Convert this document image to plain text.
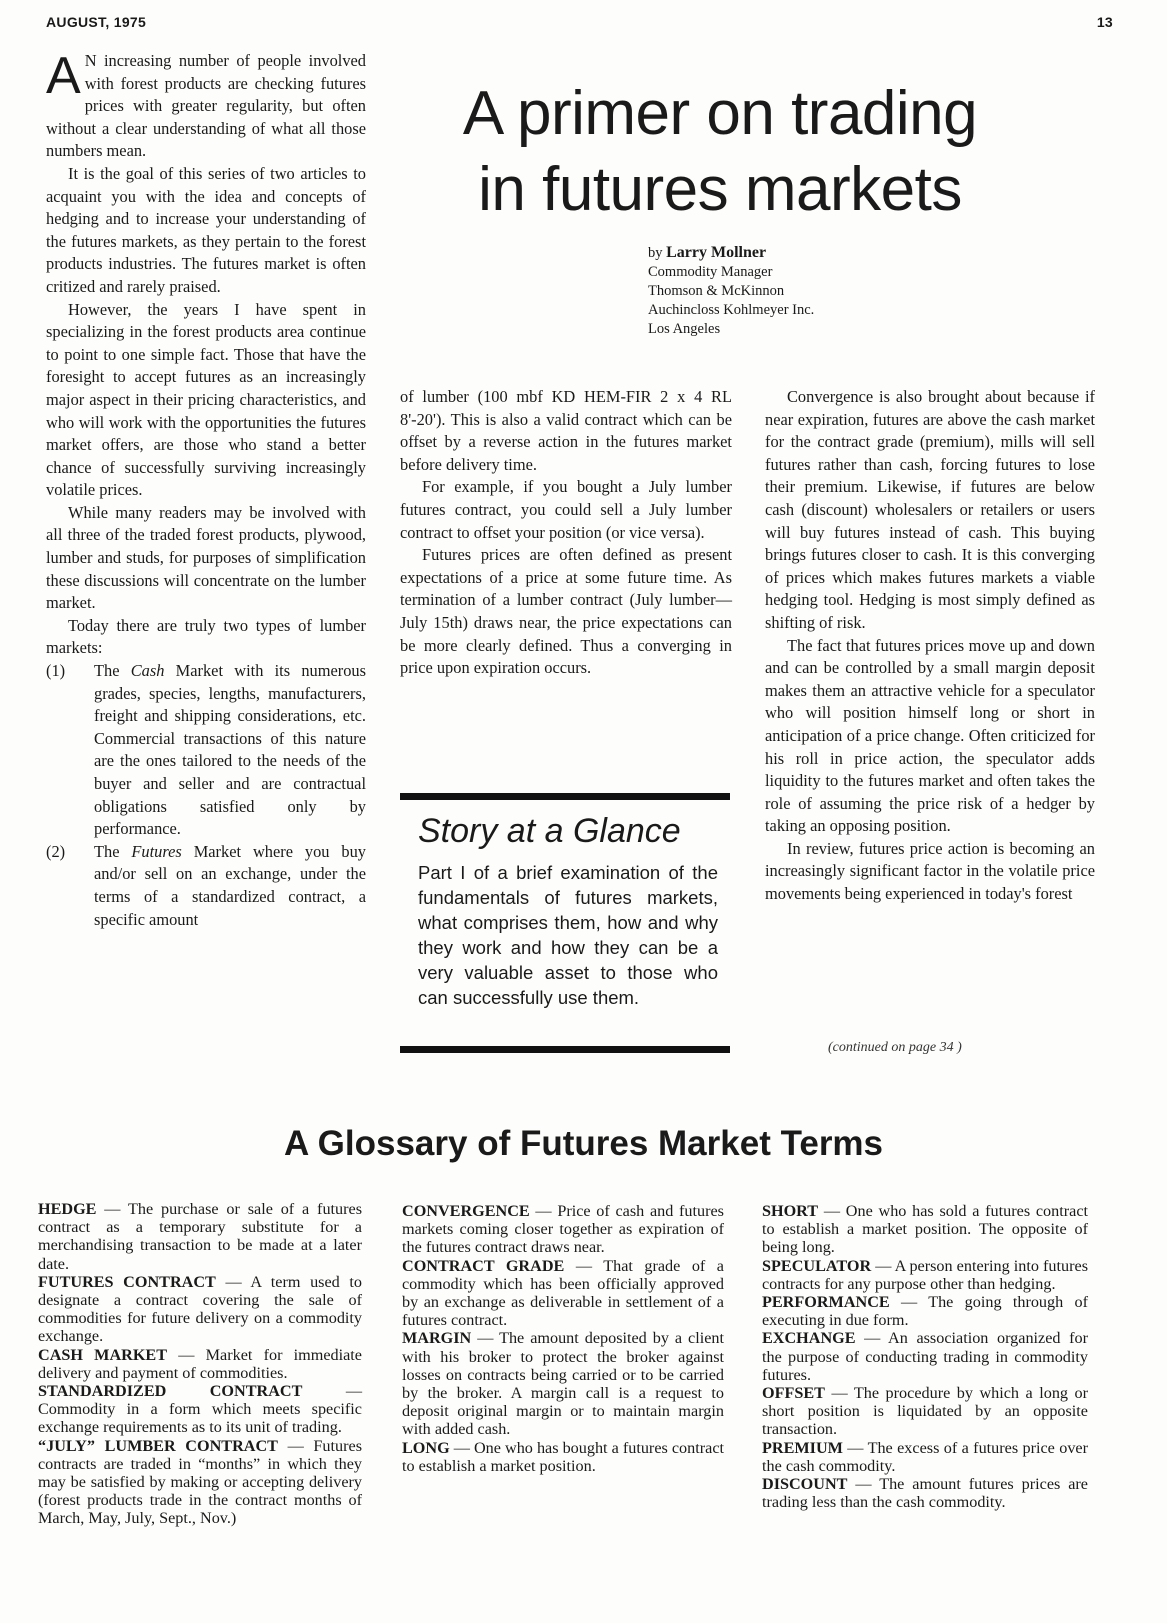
AUGUST, 1975	13
A primer on trading
in futures markets
by Larry Mollner
Commodity Manager
Thomson & McKinnon
Auchincloss Kohlmeyer Inc.
Los Angeles

A N increasing number of people involved with forest products are checking futures prices with greater regularity, but often without a clear understanding of what all those numbers mean.

It is the goal of this series of two articles to acquaint you with the idea and concepts of hedging and to increase your understanding of the futures markets, as they pertain to the forest products industries. The futures market is often critized and rarely praised.

However, the years I have spent in specializing in the forest products area continue to point to one simple fact. Those that have the foresight to accept futures as an increasingly major aspect in their pricing characteristics, and who will work with the opportunities the futures market offers, are those who stand a better chance of successfully surviving increasingly volatile prices.

While many readers may be involved with all three of the traded forest products, plywood, lumber and studs, for purposes of simplification these discussions will concentrate on the lumber market.

Today there are truly two types of lumber markets:

(1) The Cash Market with its numerous grades, species, lengths, manufacturers, freight and shipping considerations, etc. Commercial transactions of this nature are the ones tailored to the needs of the buyer and seller and are contractual obligations satisfied only by performance.
(2) The Futures Market where you buy and/or sell on an exchange, under the terms of a standardized contract, a specific amount

of lumber (100 mbf KD HEM-FIR 2 x 4 RL 8'-20'). This is also a valid contract which can be offset by a reverse action in the futures market before delivery time.

For example, if you bought a July lumber futures contract, you could sell a July lumber contract to offset your position (or vice versa).

Futures prices are often defined as present expectations of a price at some future time. As termination of a lumber contract (July lumber—July 15th) draws near, the price expectations can be more clearly defined. Thus a converging in price upon expiration occurs.

Story at a Glance
Part I of a brief examination of the fundamentals of futures markets, what comprises them, how and why they work and how they can be a very valuable asset to those who can successfully use them.

Convergence is also brought about because if near expiration, futures are above the cash market for the contract grade (premium), mills will sell futures rather than cash, forcing futures to lose their premium. Likewise, if futures are below cash (discount) wholesalers or retailers or users will buy futures instead of cash. This buying brings futures closer to cash. It is this converging of prices which makes futures markets a viable hedging tool. Hedging is most simply defined as shifting of risk.

The fact that futures prices move up and down and can be controlled by a small margin deposit makes them an attractive vehicle for a speculator who will position himself long or short in anticipation of a price change. Often criticized for his roll in price action, the speculator adds liquidity to the futures market and often takes the role of assuming the price risk of a hedger by taking an opposing position.

In review, futures price action is becoming an increasingly significant factor in the volatile price movements being experienced in today's forest

(continued on page 34 )
A Glossary of Futures Market Terms

HEDGE — The purchase or sale of a futures contract as a temporary substitute for a merchandising transaction to be made at a later date.

FUTURES CONTRACT — A term used to designate a contract covering the sale of commodities for future delivery on a commodity exchange.

CASH MARKET — Market for immediate delivery and payment of commodities.

STANDARDIZED CONTRACT — Commodity in a form which meets specific exchange requirements as to its unit of trading.

“JULY” LUMBER CONTRACT — Futures contracts are traded in “months” in which they may be satisfied by making or accepting delivery (forest products trade in the contract months of March, May, July, Sept., Nov.)

CONVERGENCE — Price of cash and futures markets coming closer together as expiration of the futures contract draws near.

CONTRACT GRADE — That grade of a commodity which has been officially approved by an exchange as deliverable in settlement of a futures contract.

MARGIN — The amount deposited by a client with his broker to protect the broker against losses on contracts being carried or to be carried by the broker. A margin call is a request to deposit original margin or to maintain margin with added cash.

LONG — One who has bought a futures contract to establish a market position.

SHORT — One who has sold a futures contract to establish a market position. The opposite of being long.

SPECULATOR — A person entering into futures contracts for any purpose other than hedging.

PERFORMANCE — The going through of executing in due form.

EXCHANGE — An association organized for the purpose of conducting trading in commodity futures.

OFFSET — The procedure by which a long or short position is liquidated by an opposite transaction.

PREMIUM — The excess of a futures price over the cash commodity.

DISCOUNT — The amount futures prices are trading less than the cash commodity.
